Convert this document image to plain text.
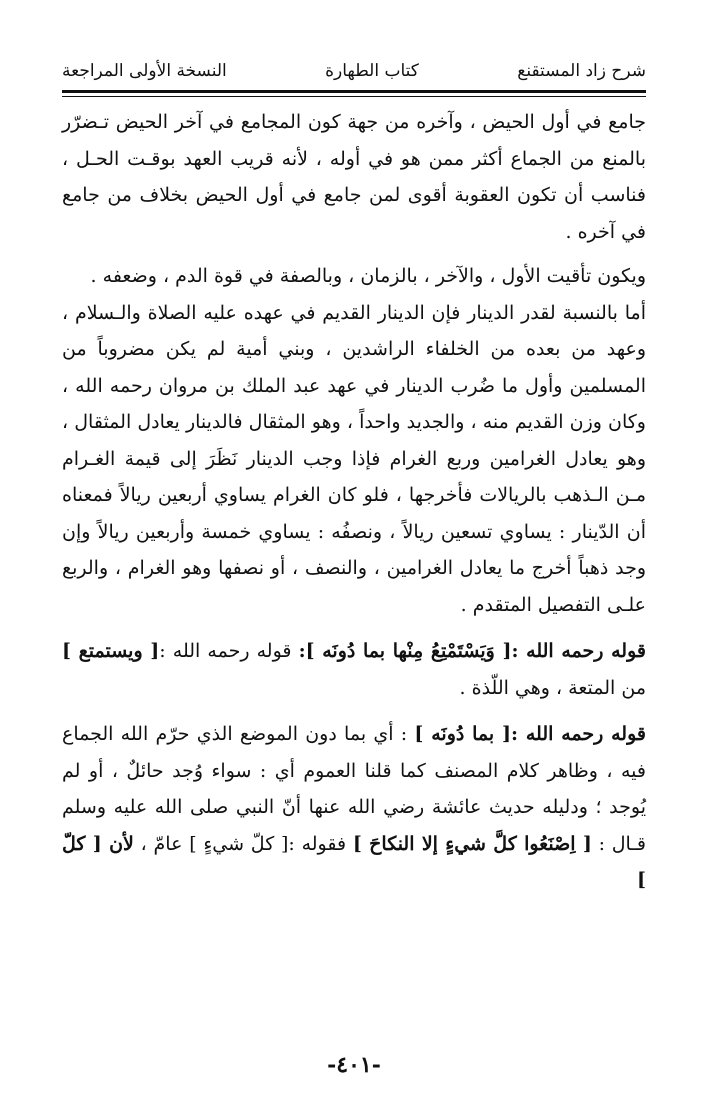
شرح زاد المستقنع
كتاب الطهارة
النسخة الأولى المراجعة

جامع في أول الحيض ، وآخره من جهة كون المجامع في آخر الحيض تـضرّر بالمنع من الجماع أكثر ممن هو في أوله ، لأنه قريب العهد بوقـت الحـل ، فناسب أن تكون العقوبة أقوى لمن جامع في أول الحيض بخلاف من جامع في آخره .

ويكون تأقيت الأول ، والآخر ، بالزمان ، وبالصفة في قوة الدم ، وضعفه .

أما بالنسبة لقدر الدينار فإن الدينار القديم في عهده عليه الصلاة والـسلام ، وعهد من بعده من الخلفاء الراشدين ، وبني أمية لم يكن مضروباً من المسلمين وأول ما ضُرب الدينار في عهد عبد الملك بن مروان رحمه الله ، وكان وزن القديم منه ، والجديد واحداً ، وهو المثقال فالدينار يعادل المثقال ، وهو يعادل الغرامين وربع الغرام فإذا وجب الدينار نَظَرَ إلى قيمة الغـرام مـن الـذهب بالريالات فأخرجها ، فلو كان الغرام يساوي أربعين ريالاً فمعناه أن الدّينار : يساوي تسعين ريالاً ، ونصفُه : يساوي خمسة وأربعين ريالاً وإن وجد ذهباً أخرج ما يعادل الغرامين ، والنصف ، أو نصفها وهو الغرام ، والربع علـى التفصيل المتقدم .

قوله رحمه الله :[ وَيَسْتَمْتِعُ مِنْها بما دُونَه ]: قوله رحمه الله :[ ويستمتع ] من المتعة ، وهي اللّذة .

قوله رحمه الله :[ بما دُونَه ] : أي بما دون الموضع الذي حرّم الله الجماع فيه ، وظاهر كلام المصنف كما قلنا العموم أي : سواء وُجد حائلٌ ، أو لم يُوجد ؛ ودليله حديث عائشة رضي الله عنها أنّ النبي صلى الله عليه وسلم قـال : [ اِصْنَعُوا كلَّ شيءٍ إلا النكاحَ ] فقوله :[ كلّ شيءٍ ] عامّ ، لأن [ كلّ ]

-٤٠١-
